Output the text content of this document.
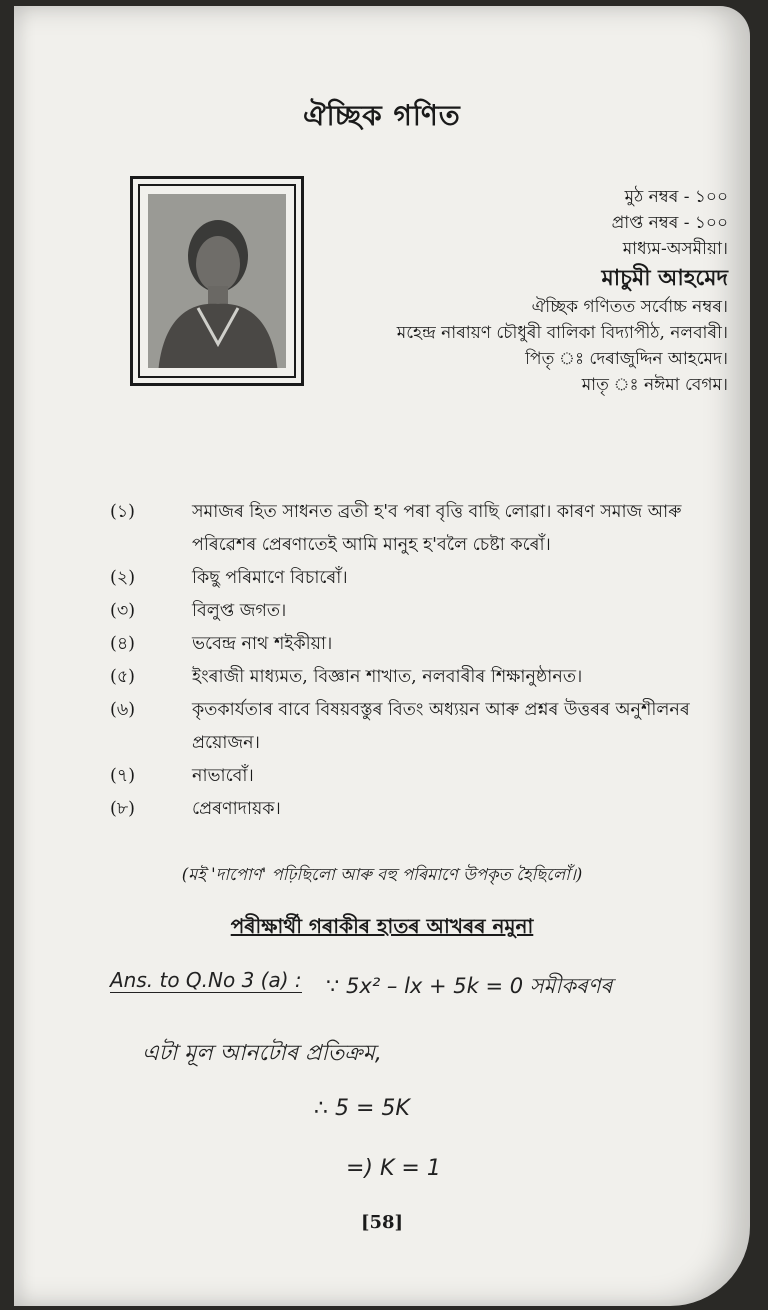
ঐচ্ছিক গণিত
মুঠ নম্বৰ - ১০০
প্ৰাপ্ত নম্বৰ - ১০০
মাধ্যম-অসমীয়া।
মাচুমী আহমেদ
ঐচ্ছিক গণিতত সৰ্বোচ্চ নম্বৰ।
মহেন্দ্ৰ নাৰায়ণ চৌধুৰী বালিকা বিদ্যাপীঠ, নলবাৰী।
পিতৃ ঃ দেৰাজুদ্দিন আহমেদ।
মাতৃ ঃ নঈমা বেগম।
(১)	সমাজৰ হিত সাধনত ব্ৰতী হ'ব পৰা বৃত্তি বাছি লোৱা। কাৰণ সমাজ আৰু পৰিৱেশৰ প্ৰেৰণাতেই আমি মানুহ হ'বলৈ চেষ্টা কৰোঁ।
(২)	কিছু পৰিমাণে বিচাৰোঁ।
(৩)	বিলুপ্ত জগত।
(৪)	ভবেন্দ্ৰ নাথ শইকীয়া।
(৫)	ইংৰাজী মাধ্যমত, বিজ্ঞান শাখাত, নলবাৰীৰ শিক্ষানুষ্ঠানত।
(৬)	কৃতকাৰ্যতাৰ বাবে বিষয়বস্তুৰ বিতং অধ্যয়ন আৰু প্ৰশ্নৰ উত্তৰৰ অনুশীলনৰ প্ৰয়োজন।
(৭)	নাভাবোঁ।
(৮)	প্ৰেৰণাদায়ক।
(মই 'দাপোণ' পঢ়িছিলো আৰু বহু পৰিমাণে উপকৃত হৈছিলোঁ।)
পৰীক্ষাৰ্থী গৰাকীৰ হাতৰ আখৰৰ নমুনা
Ans. to Q.No 3 (a) : ∵ 5x² – lx + 5k = 0 সমীকৰণৰ
এটা মূল আনটোৰ প্ৰতিক্ৰম,
∴ 5 = 5K
=) K = 1
[58]
